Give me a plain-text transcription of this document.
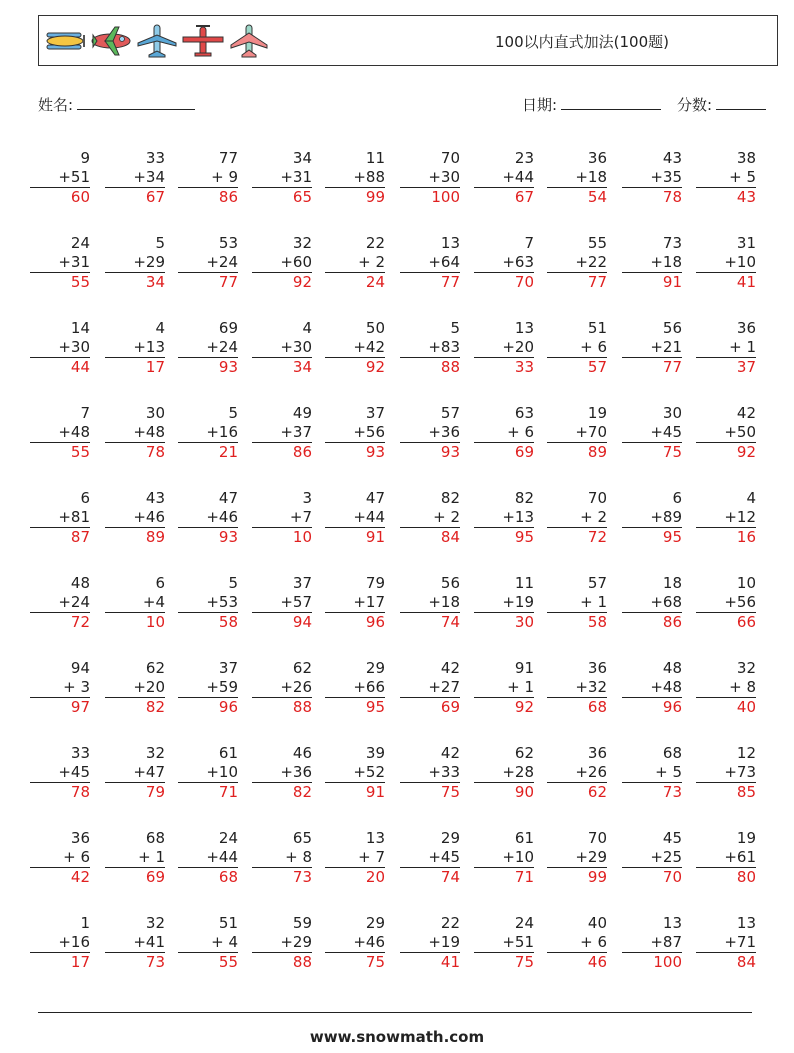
100以内直式加法(100题)
姓名:	日期:	分数:
9
+51
60
33
+34
67
77
+ 9
86
34
+31
65
11
+88
99
70
+30
100
23
+44
67
36
+18
54
43
+35
78
38
+ 5
43
24
+31
55
5
+29
34
53
+24
77
32
+60
92
22
+ 2
24
13
+64
77
7
+63
70
55
+22
77
73
+18
91
31
+10
41
14
+30
44
4
+13
17
69
+24
93
4
+30
34
50
+42
92
5
+83
88
13
+20
33
51
+ 6
57
56
+21
77
36
+ 1
37
7
+48
55
30
+48
78
5
+16
21
49
+37
86
37
+56
93
57
+36
93
63
+ 6
69
19
+70
89
30
+45
75
42
+50
92
6
+81
87
43
+46
89
47
+46
93
3
+7
10
47
+44
91
82
+ 2
84
82
+13
95
70
+ 2
72
6
+89
95
4
+12
16
48
+24
72
6
+4
10
5
+53
58
37
+57
94
79
+17
96
56
+18
74
11
+19
30
57
+ 1
58
18
+68
86
10
+56
66
94
+ 3
97
62
+20
82
37
+59
96
62
+26
88
29
+66
95
42
+27
69
91
+ 1
92
36
+32
68
48
+48
96
32
+ 8
40
33
+45
78
32
+47
79
61
+10
71
46
+36
82
39
+52
91
42
+33
75
62
+28
90
36
+26
62
68
+ 5
73
12
+73
85
36
+ 6
42
68
+ 1
69
24
+44
68
65
+ 8
73
13
+ 7
20
29
+45
74
61
+10
71
70
+29
99
45
+25
70
19
+61
80
1
+16
17
32
+41
73
51
+ 4
55
59
+29
88
29
+46
75
22
+19
41
24
+51
75
40
+ 6
46
13
+87
100
13
+71
84
www.snowmath.com
